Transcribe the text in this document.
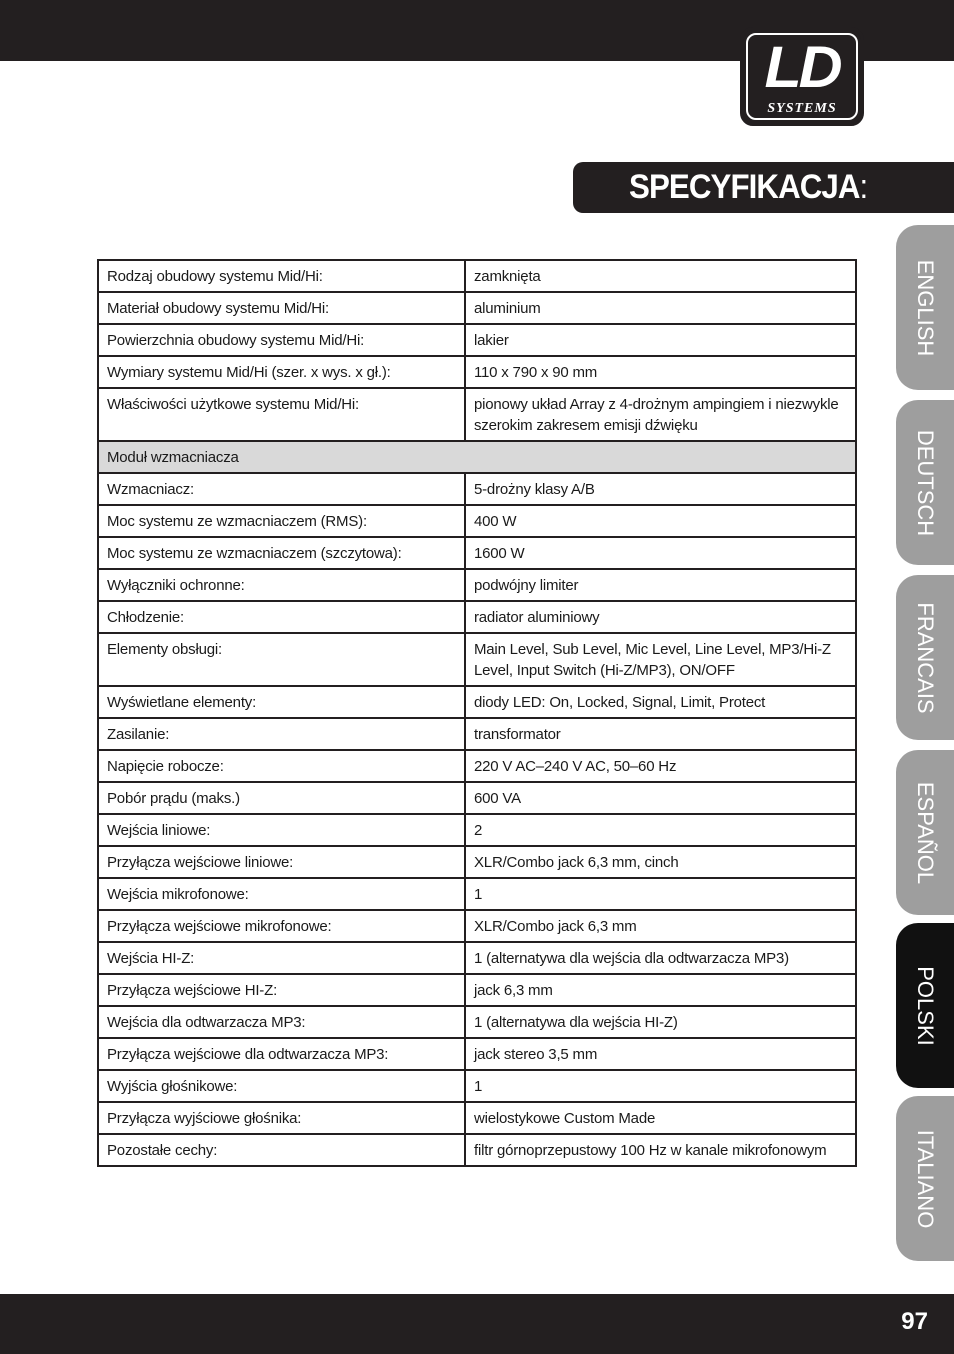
LD
SYSTEMS
SPECYFIKACJA:
Rodzaj obudowy systemu Mid/Hi:	zamknięta
Materiał obudowy systemu Mid/Hi:	aluminium
Powierzchnia obudowy systemu Mid/Hi:	lakier
Wymiary systemu Mid/Hi (szer. x wys. x gł.):	110 x 790 x 90 mm
Właściwości użytkowe systemu Mid/Hi:	pionowy układ Array z 4-drożnym ampingiem i niezwykle szerokim zakresem emisji dźwięku
Moduł wzmacniacza	
Wzmacniacz:	5-drożny klasy A/B
Moc systemu ze wzmacniaczem (RMS):	400 W
Moc systemu ze wzmacniaczem (szczytowa):	1600 W
Wyłączniki ochronne:	podwójny limiter
Chłodzenie:	radiator aluminiowy
Elementy obsługi:	Main Level, Sub Level, Mic Level, Line Level, MP3/Hi-Z Level, Input Switch (Hi-Z/MP3), ON/OFF
Wyświetlane elementy:	diody LED: On, Locked, Signal, Limit, Protect
Zasilanie:	transformator
Napięcie robocze:	220 V AC–240 V AC, 50–60 Hz
Pobór prądu (maks.)	600 VA
Wejścia liniowe:	2
Przyłącza wejściowe liniowe:	XLR/Combo jack 6,3 mm, cinch
Wejścia mikrofonowe:	1
Przyłącza wejściowe mikrofonowe:	XLR/Combo jack 6,3 mm
Wejścia HI-Z:	1 (alternatywa dla wejścia dla odtwarzacza MP3)
Przyłącza wejściowe HI-Z:	jack 6,3 mm
Wejścia dla odtwarzacza MP3:	1 (alternatywa dla wejścia HI-Z)
Przyłącza wejściowe dla odtwarzacza MP3:	jack stereo 3,5 mm
Wyjścia głośnikowe:	1
Przyłącza wyjściowe głośnika:	wielostykowe Custom Made
Pozostałe cechy:	filtr górnoprzepustowy 100 Hz w kanale mikrofonowym
ENGLISH
DEUTSCH
FRANCAIS
ESPAÑOL
POLSKI
ITALIANO
97
